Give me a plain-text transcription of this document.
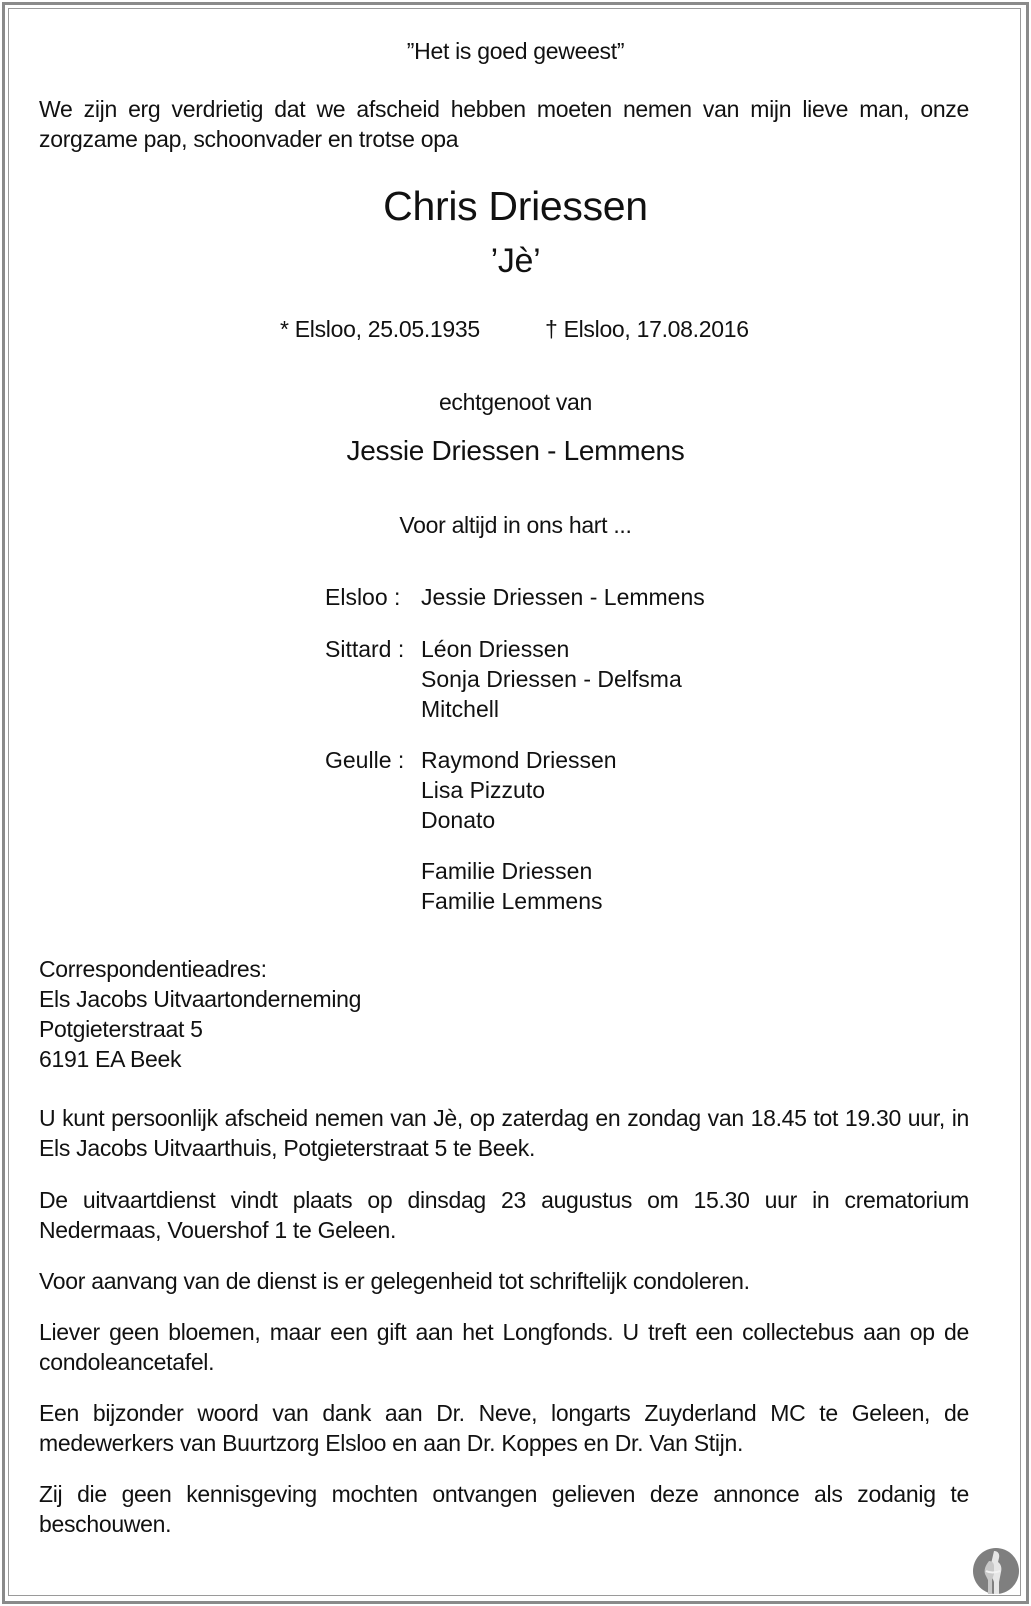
”Het is goed geweest”
We zijn erg verdrietig dat we afscheid hebben moeten nemen van mijn lieve man, onze zorgzame pap, schoonvader en trotse opa
Chris Driessen
’Jè’
* Elsloo, 25.05.1935	† Elsloo, 17.08.2016
echtgenoot van
Jessie Driessen - Lemmens
Voor altijd in ons hart ...
Elsloo : Jessie Driessen - Lemmens
Sittard : Léon Driessen
Sonja Driessen - Delfsma
Mitchell
Geulle : Raymond Driessen
Lisa Pizzuto
Donato
Familie Driessen
Familie Lemmens
Correspondentieadres:
Els Jacobs Uitvaartonderneming
Potgieterstraat 5
6191 EA Beek
U kunt persoonlijk afscheid nemen van Jè, op zaterdag en zondag van 18.45 tot 19.30 uur, in Els Jacobs Uitvaarthuis, Potgieterstraat 5 te Beek.
De uitvaartdienst vindt plaats op dinsdag 23 augustus om 15.30 uur in crematorium Nedermaas, Vouershof 1 te Geleen.
Voor aanvang van de dienst is er gelegenheid tot schriftelijk condoleren.
Liever geen bloemen, maar een gift aan het Longfonds. U treft een collectebus aan op de condoleancetafel.
Een bijzonder woord van dank aan Dr. Neve, longarts Zuyderland MC te Geleen, de medewerkers van Buurtzorg Elsloo en aan Dr. Koppes en Dr. Van Stijn.
Zij die geen kennisgeving mochten ontvangen gelieven deze annonce als zodanig te beschouwen.
